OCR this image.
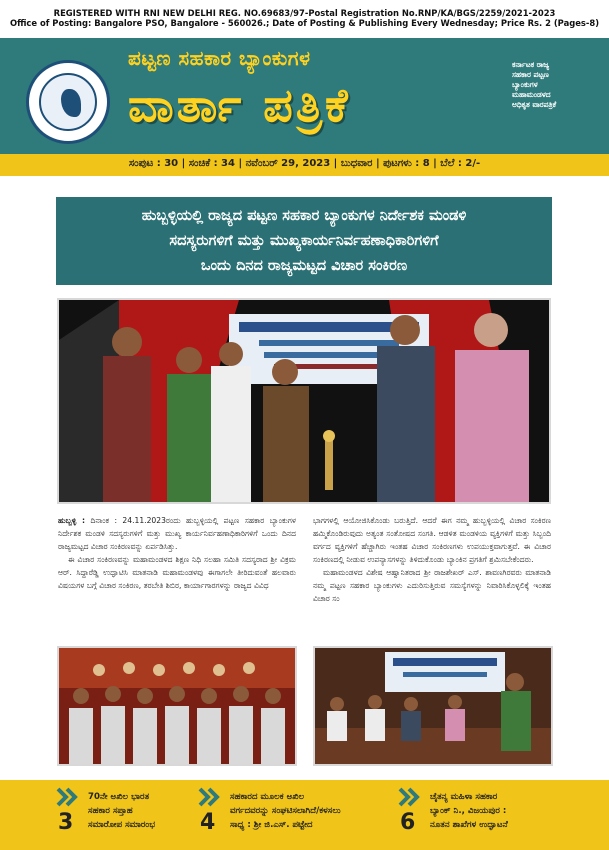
REGISTERED WITH RNI NEW DELHI REG. NO.69683/97-Postal Registration No.RNP/KA/BGS/2259/2021-2023
Office of Posting: Bangalore PSO, Bangalore - 560026.; Date of Posting & Publishing Every Wednesday; Price Rs. 2 (Pages-8)
ಪಟ್ಟಣ ಸಹಕಾರ ಬ್ಯಾಂಕುಗಳ
ವಾರ್ತಾ ಪತ್ರಿಕೆ
ಕರ್ನಾಟಕ ರಾಜ್ಯ
ಸಹಕಾರ ಪಟ್ಟಣ
ಬ್ಯಾಂಕುಗಳ
ಮಹಾಮಂಡಳದ
ಅಧಿಕೃತ ವಾರಪತ್ರಿಕೆ
ಸಂಪುಟ : 30 | ಸಂಚಿಕೆ : 34 | ನವೆಂಬರ್ 29, 2023 | ಬುಧವಾರ | ಪುಟಗಳು : 8 | ಬೆಲೆ : 2/-
ಹುಬ್ಬಳ್ಳಿಯಲ್ಲಿ ರಾಜ್ಯದ ಪಟ್ಟಣ ಸಹಕಾರ ಬ್ಯಾಂಕುಗಳ ನಿರ್ದೇಶಕ ಮಂಡಳಿ
ಸದಸ್ಯರುಗಳಿಗೆ ಮತ್ತು ಮುಖ್ಯಕಾರ್ಯನಿರ್ವಹಣಾಧಿಕಾರಿಗಳಿಗೆ
ಒಂದು ದಿನದ ರಾಜ್ಯಮಟ್ಟದ ವಿಚಾರ ಸಂಕಿರಣ
ಹುಬ್ಬಳ್ಳಿ : ದಿನಾಂಕ : 24.11.2023ರಂದು ಹುಬ್ಬಳ್ಳಿಯಲ್ಲಿ ಪಟ್ಟಣ ಸಹಕಾರ ಬ್ಯಾಂಕುಗಳ ನಿರ್ದೇಶಕ ಮಂಡಳಿ ಸದಸ್ಯರುಗಳಿಗೆ ಮತ್ತು ಮುಖ್ಯ ಕಾರ್ಯನಿರ್ವಹಣಾಧಿಕಾರಿಗಳಿಗೆ ಒಂದು ದಿನದ ರಾಜ್ಯಮಟ್ಟದ ವಿಚಾರ ಸಂಕಿರಣವನ್ನು ಏರ್ಪಡಿಸಿತ್ತು.
ಈ ವಿಚಾರ ಸಂಕಿರಣವನ್ನು ಮಹಾಮಂಡಳದ ಶಿಕ್ಷಣ ನಿಧಿ ಸಲಹಾ ಸಮಿತಿ ಸದಸ್ಯರಾದ ಶ್ರೀ ವಿಕ್ರಮ ಆರ್. ಸಿದ್ದಾರೆಡ್ಡಿ ಉದ್ಘಾಟಿಸಿ ಮಾತನಾಡಿ ಮಹಾಮಂಡಳವು ಈಗಾಗಲೇ ತೀರಿದುವಂತೆ ಹಲವಾರು ವಿಷಯಗಳ ಬಗ್ಗೆ ವಿಚಾರ ಸಂಕಿರಣ, ತರಬೇತಿ ಶಿಬಿರ, ಕಾರ್ಯಾಗಾರಗಳನ್ನು ರಾಜ್ಯದ ವಿವಿಧ
ಭಾಗಗಳಲ್ಲಿ ಆಯೋಜಿಸಿಕೊಂಡು ಬರುತ್ತಿದೆ. ಆದರೆ ಈಗ ನಮ್ಮ ಹುಬ್ಬಳ್ಳಿಯಲ್ಲಿ ವಿಚಾರ ಸಂಕಿರಣ ಹಮ್ಮಿಕೊಂಡಿರುವುದು ಅತ್ಯಂತ ಸಂತೋಷದ ಸಂಗತಿ. ಆಡಳಿತ ಮಂಡಳಿಯ ವ್ಯಕ್ತಿಗಳಿಗೆ ಮತ್ತು ಸಿಬ್ಬಂದಿ ವರ್ಗದ ವ್ಯಕ್ತಿಗಳಿಗೆ ಹೆಚ್ಚಾಗಿರು ಇಂತಹ ವಿಚಾರ ಸಂಕಿರಣಗಳು ಉಪಯುಕ್ತವಾಗುತ್ತವೆ. ಈ ವಿಚಾರ ಸಂಕಿರಣದಲ್ಲಿ ನೀಡುವ ಉಪನ್ಯಾಸಗಳನ್ನು ತಿಳಿದುಕೊಂಡು ಬ್ಯಾಂಕಿನ ಪ್ರಗತಿಗೆ ಶ್ರಮಿಸಬೇಕೆಂದರು.
ಮಹಾಮಂಡಳದ ವಿಶೇಷ ಆಹ್ವಾನಿತರಾದ ಶ್ರೀ ರಾಜಶೇಖರ್ ಎಸ್. ಶಾವಣಗಿರವರು ಮಾತನಾಡಿ ನಮ್ಮ ಪಟ್ಟಣ ಸಹಕಾರ ಬ್ಯಾಂಕುಗಳು ಎದುರಿಸುತ್ತಿರುವ ಸಮಸ್ಯೆಗಳನ್ನು ನಿವಾರಿಸಿಕೊಳ್ಳಲಿಕ್ಕೆ ಇಂತಹ ವಿಚಾರ ಸಂ
3
70ನೇ ಅಖಿಲ ಭಾರತ
ಸಹಕಾರ ಸಪ್ತಾಹ
ಸಮಾರೋಪ ಸಮಾರಂಭ	4
ಸಹಕಾರದ ಮೂಲಕ ಅಖಿಲ
ವರ್ಗದವರನ್ನು ಸಂಘಟಿಸಲಾಗಿದೆ/ಕಳಸಲು
ಸಾಧ್ಯ : ಶ್ರೀ ಜಿ.ಎಸ್. ಪಟ್ಟೇದ	6
ಚೈತನ್ಯ ಮಹಿಳಾ ಸಹಕಾರ
ಬ್ಯಾಂಕ್ ನಿ., ವಿಜಯಪುರ :
ನೂತನ ಶಾಖೆಗಳ ಉದ್ಘಾಟನೆ
